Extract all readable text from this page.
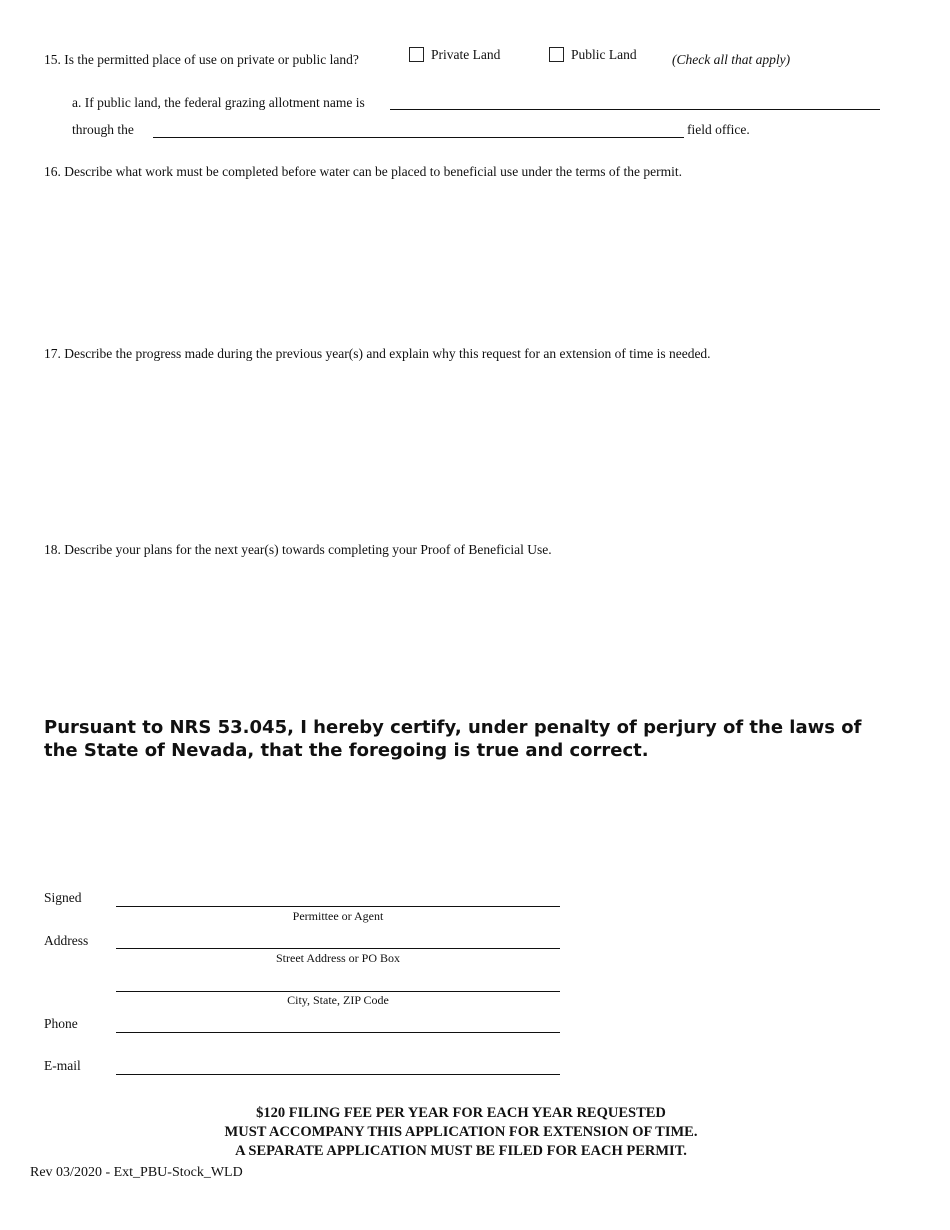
15. Is the permitted place of use on private or public land?	Private Land	Public Land	(Check all that apply)
a. If public land, the federal grazing allotment name is
through the	field office.
16. Describe what work must be completed before water can be placed to beneficial use under the terms of the permit.
17. Describe the progress made during the previous year(s) and explain why this request for an extension of time is needed.
18. Describe your plans for the next year(s) towards completing your Proof of Beneficial Use.
Pursuant to NRS 53.045, I hereby certify, under penalty of perjury of the laws of the State of Nevada, that the foregoing is true and correct.
Signed
Permittee or Agent
Address
Street Address or PO Box
City, State, ZIP Code
Phone
E-mail
$120 FILING FEE PER YEAR FOR EACH YEAR REQUESTED
MUST ACCOMPANY THIS APPLICATION FOR EXTENSION OF TIME.
A SEPARATE APPLICATION MUST BE FILED FOR EACH PERMIT.
Rev 03/2020 - Ext_PBU-Stock_WLD
